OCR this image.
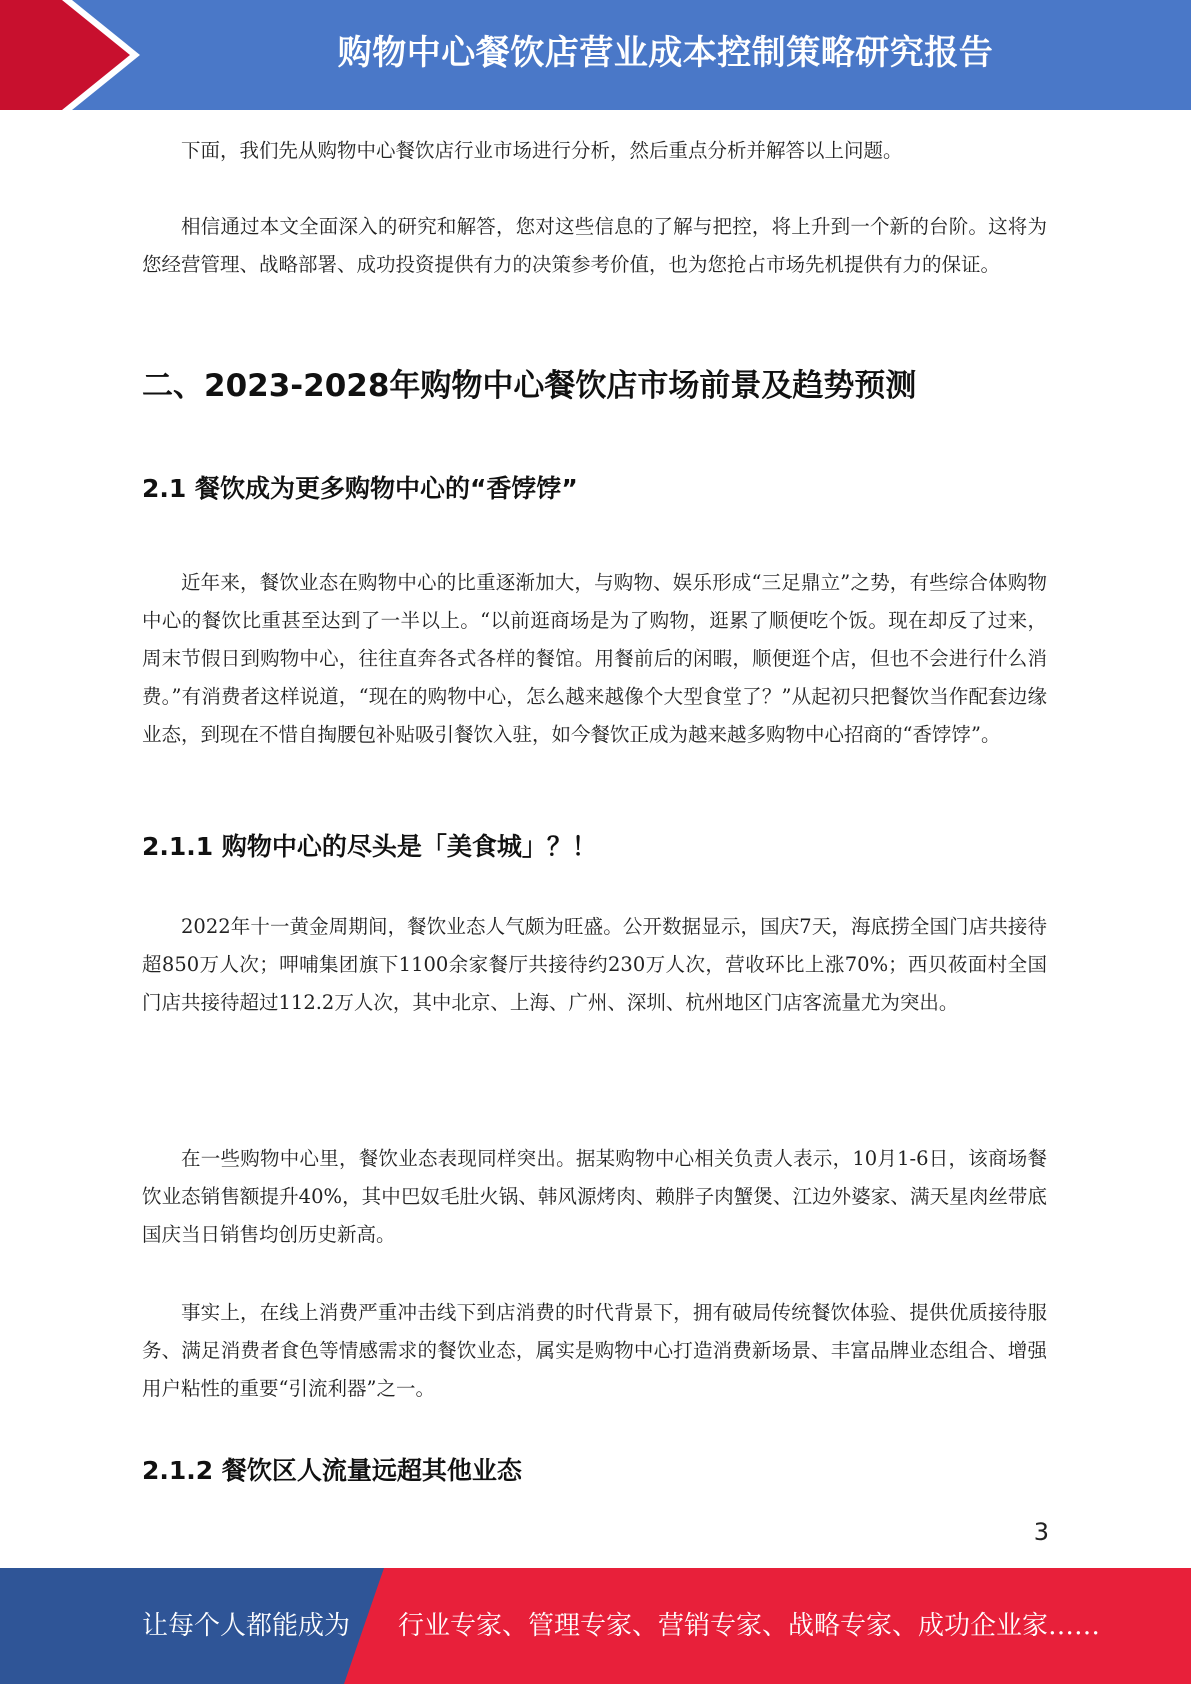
购物中心餐饮店营业成本控制策略研究报告

下面，我们先从购物中心餐饮店行业市场进行分析，然后重点分析并解答以上问题。

相信通过本文全面深入的研究和解答，您对这些信息的了解与把控，将上升到一个新的台阶。这将为您经营管理、战略部署、成功投资提供有力的决策参考价值，也为您抢占市场先机提供有力的保证。

二、2023-2028年购物中心餐饮店市场前景及趋势预测
2.1 餐饮成为更多购物中心的“香饽饽”

近年来，餐饮业态在购物中心的比重逐渐加大，与购物、娱乐形成“三足鼎立”之势，有些综合体购物中心的餐饮比重甚至达到了一半以上。“以前逛商场是为了购物，逛累了顺便吃个饭。现在却反了过来，周末节假日到购物中心，往往直奔各式各样的餐馆。用餐前后的闲暇，顺便逛个店，但也不会进行什么消费。”有消费者这样说道，“现在的购物中心，怎么越来越像个大型食堂了？”从起初只把餐饮当作配套边缘业态，到现在不惜自掏腰包补贴吸引餐饮入驻，如今餐饮正成为越来越多购物中心招商的“香饽饽”。

2.1.1 购物中心的尽头是「美食城」？！

2022年十一黄金周期间，餐饮业态人气颇为旺盛。公开数据显示，国庆7天，海底捞全国门店共接待超850万人次；呷哺集团旗下1100余家餐厅共接待约230万人次，营收环比上涨70%；西贝莜面村全国门店共接待超过112.2万人次，其中北京、上海、广州、深圳、杭州地区门店客流量尤为突出。

在一些购物中心里，餐饮业态表现同样突出。据某购物中心相关负责人表示，10月1-6日，该商场餐饮业态销售额提升40%，其中巴奴毛肚火锅、韩风源烤肉、赖胖子肉蟹煲、江边外婆家、满天星肉丝带底国庆当日销售均创历史新高。

事实上，在线上消费严重冲击线下到店消费的时代背景下，拥有破局传统餐饮体验、提供优质接待服务、满足消费者食色等情感需求的餐饮业态，属实是购物中心打造消费新场景、丰富品牌业态组合、增强用户粘性的重要“引流利器”之一。

2.1.2 餐饮区人流量远超其他业态
3
让每个人都能成为 行业专家、管理专家、营销专家、战略专家、成功企业家……
